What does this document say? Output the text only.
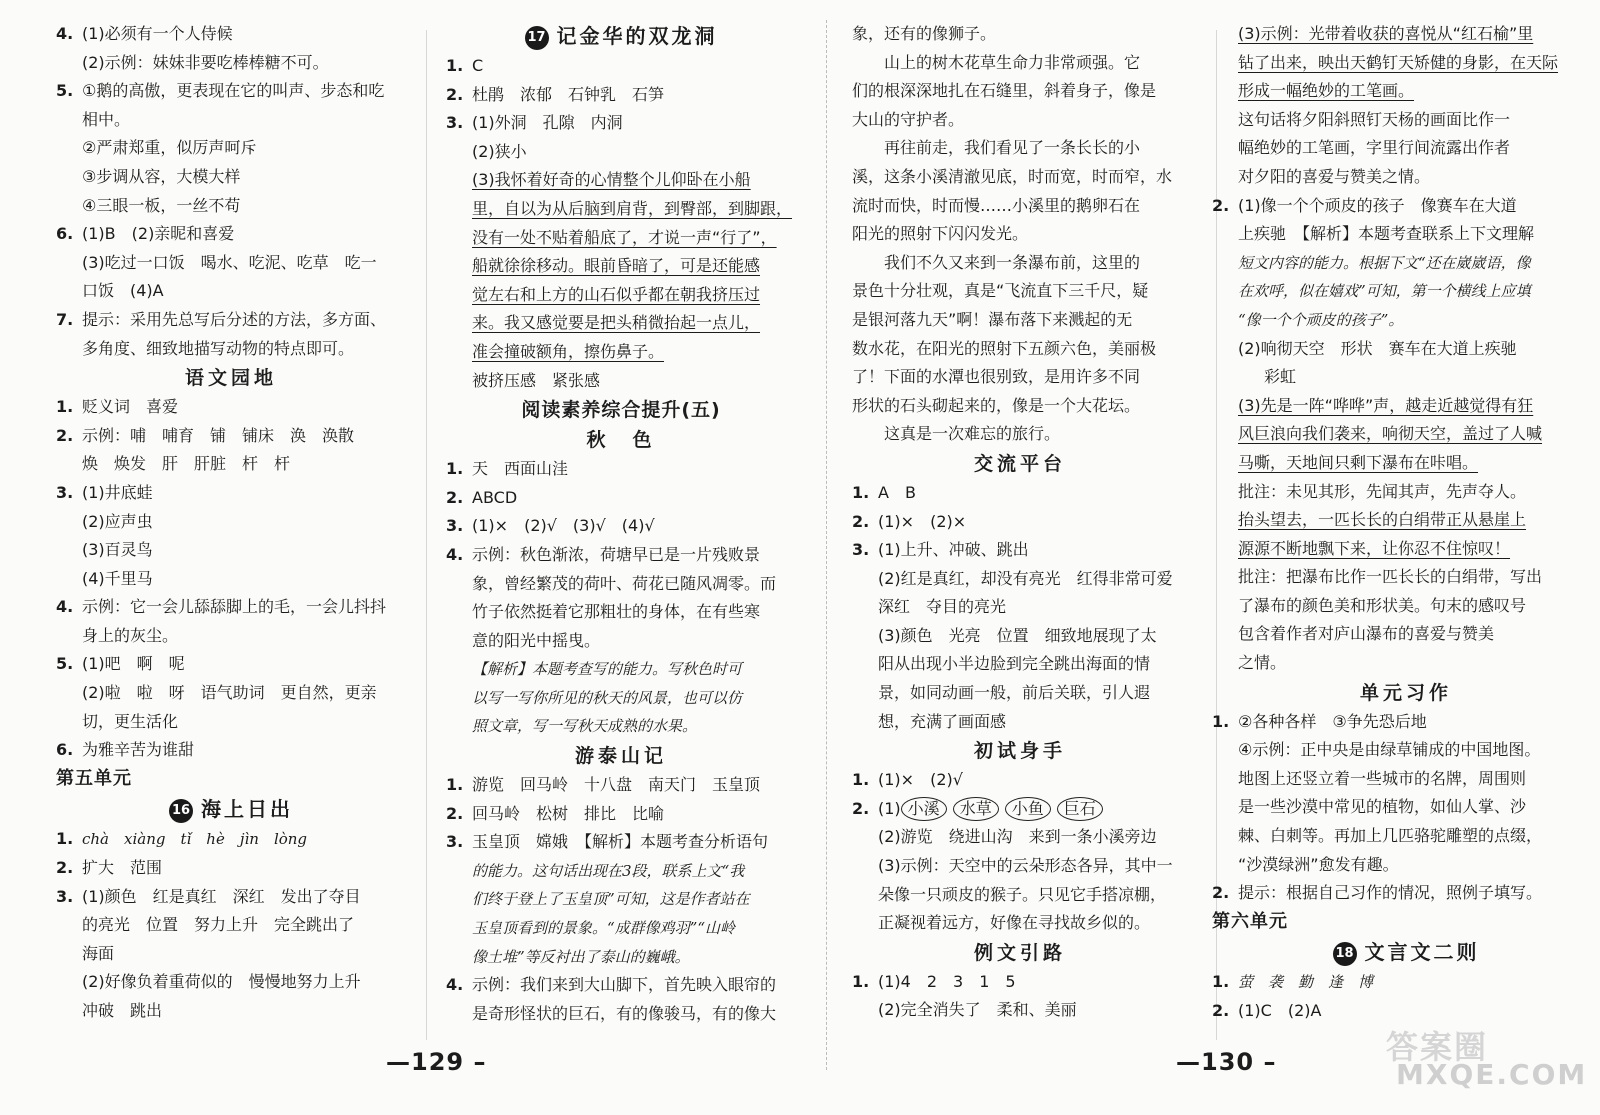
4. (1)必须有一个人侍候
(2)示例：妹妹非要吃棒棒糖不可。
5. ①鹅的高傲，更表现在它的叫声、步态和吃
相中。
②严肃郑重，似厉声呵斥
③步调从容，大模大样
④三眼一板，一丝不苟
6. (1)B　(2)亲昵和喜爱
(3)吃过一口饭　喝水、吃泥、吃草　吃一
口饭　(4)A
7. 提示：采用先总写后分述的方法，多方面、
多角度、细致地描写动物的特点即可。
语文园地
1. 贬义词　喜爱
2. 示例：哺　哺育　铺　铺床　涣　涣散
焕　焕发　肝　肝脏　杆　杆　
3. (1)井底蛙
(2)应声虫
(3)百灵鸟
(4)千里马
4. 示例：它一会儿舔舔脚上的毛，一会儿抖抖
身上的灰尘。
5. (1)吧　啊　呢
(2)啦　啦　呀　语气助词　更自然，更亲
切，更生活化
6. 为雅辛苦为谁甜
第五单元
16 海上日出
1. chà　xiàng　tǐ　hè　jìn　lòng
2. 扩大　范围
3. (1)颜色　红是真红　深红　发出了夺目
的亮光　位置　努力上升　完全跳出了
海面
(2)好像负着重荷似的　慢慢地努力上升
冲破　跳出
17 记金华的双龙洞
1. C
2. 杜鹃　浓郁　石钟乳　石笋
3. (1)外洞　孔隙　内洞
(2)狭小
(3)我怀着好奇的心情整个儿仰卧在小船
里，自以为从后脑到肩背，到臀部，到脚跟，
没有一处不贴着船底了，才说一声“行了”，
船就徐徐移动。眼前昏暗了，可是还能感
觉左右和上方的山石似乎都在朝我挤压过
来。我又感觉要是把头稍微抬起一点儿，
准会撞破额角，擦伤鼻子。
被挤压感　紧张感
阅读素养综合提升(五)
秋　色
1. 天　西面山洼
2. ABCD
3. (1)×　(2)√　(3)√　(4)√
4. 示例：秋色渐浓，荷塘早已是一片残败景
象，曾经繁茂的荷叶、荷花已随风凋零。而
竹子依然挺着它那粗壮的身体，在有些寒
意的阳光中摇曳。
【解析】本题考查写的能力。写秋色时可
以写一写你所见的秋天的风景，也可以仿
照文章，写一写秋天成熟的水果。
游泰山记
1. 游览　回马岭　十八盘　南天门　玉皇顶
2. 回马岭　松树　排比　比喻
3. 玉皇顶　嫦娥　【解析】本题考查分析语句
的能力。这句话出现在3段，联系上文“我
们终于登上了玉皇顶”可知，这是作者站在
玉皇顶看到的景象。“成群像鸡羽”“山岭
像土堆”等反衬出了泰山的巍峨。
4. 示例：我们来到大山脚下，首先映入眼帘的
是奇形怪状的巨石，有的像骏马，有的像大
象，还有的像狮子。
山上的树木花草生命力非常顽强。它
们的根深深地扎在石缝里，斜着身子，像是
大山的守护者。
再往前走，我们看见了一条长长的小
溪，这条小溪清澈见底，时而宽，时而窄，水
流时而快，时而慢……小溪里的鹅卵石在
阳光的照射下闪闪发光。
我们不久又来到一条瀑布前，这里的
景色十分壮观，真是“飞流直下三千尺，疑
是银河落九天”啊！瀑布落下来溅起的无
数水花，在阳光的照射下五颜六色，美丽极
了！下面的水潭也很别致，是用许多不同
形状的石头砌起来的，像是一个大花坛。
这真是一次难忘的旅行。
交流平台
1. A　B
2. (1)×　(2)×
3. (1)上升、冲破、跳出
(2)红是真红，却没有亮光　红得非常可爱
深红　夺目的亮光
(3)颜色　光亮　位置　细致地展现了太
阳从出现小半边脸到完全跳出海面的情
景，如同动画一般，前后关联，引人遐
想，充满了画面感
初试身手
1. (1)×　(2)√
2. (1) 小溪 水草 小鱼 巨石
(2)游览　绕进山沟　来到一条小溪旁边
(3)示例：天空中的云朵形态各异，其中一
朵像一只顽皮的猴子。只见它手搭凉棚，
正凝视着远方，好像在寻找故乡似的。
例文引路
1. (1)4　2　3　1　5
(2)完全消失了　柔和、美丽
(3)示例：光带着收获的喜悦从“红石榆”里
钻了出来，映出天鹤钉天矫健的身影，在天际
形成一幅绝妙的工笔画。
这句话将夕阳斜照钉天杨的画面比作一
幅绝妙的工笔画，字里行间流露出作者
对夕阳的喜爱与赞美之情。
2. (1)像一个个顽皮的孩子　像赛车在大道
上疾驰　【解析】本题考查联系上下文理解
短文内容的能力。根据下文“还在崴崴语，像
在欢呼，似在嬉戏”可知，第一个横线上应填
“像一个个顽皮的孩子”。
(2)响彻天空　形状　赛车在大道上疾驰
彩虹
(3)先是一阵“哗哗”声，越走近越觉得有狂
风巨浪向我们袭来，响彻天空，盖过了人喊
马嘶，天地间只剩下瀑布在咔唱。
批注：未见其形，先闻其声，先声夺人。
抬头望去，一匹长长的白绢带正从悬崖上
源源不断地飘下来，让你忍不住惊叹！
批注：把瀑布比作一匹长长的白绢带，写出
了瀑布的颜色美和形状美。句末的感叹号
包含着作者对庐山瀑布的喜爱与赞美
之情。
单元习作
1. ②各种各样　③争先恐后地
④示例：正中央是由绿草铺成的中国地图。
地图上还竖立着一些城市的名牌，周围则
是一些沙漠中常见的植物，如仙人掌、沙
棘、白刺等。再加上几匹骆驼雕塑的点缀，
“沙漠绿洲”愈发有趣。
2. 提示：根据自己习作的情况，照例子填写。
第六单元
18 文言文二则
1. 萤　袭　勤　逢　博
2. (1)C　(2)A
—129 –	—130 –	答案圈
MXQE.COM
